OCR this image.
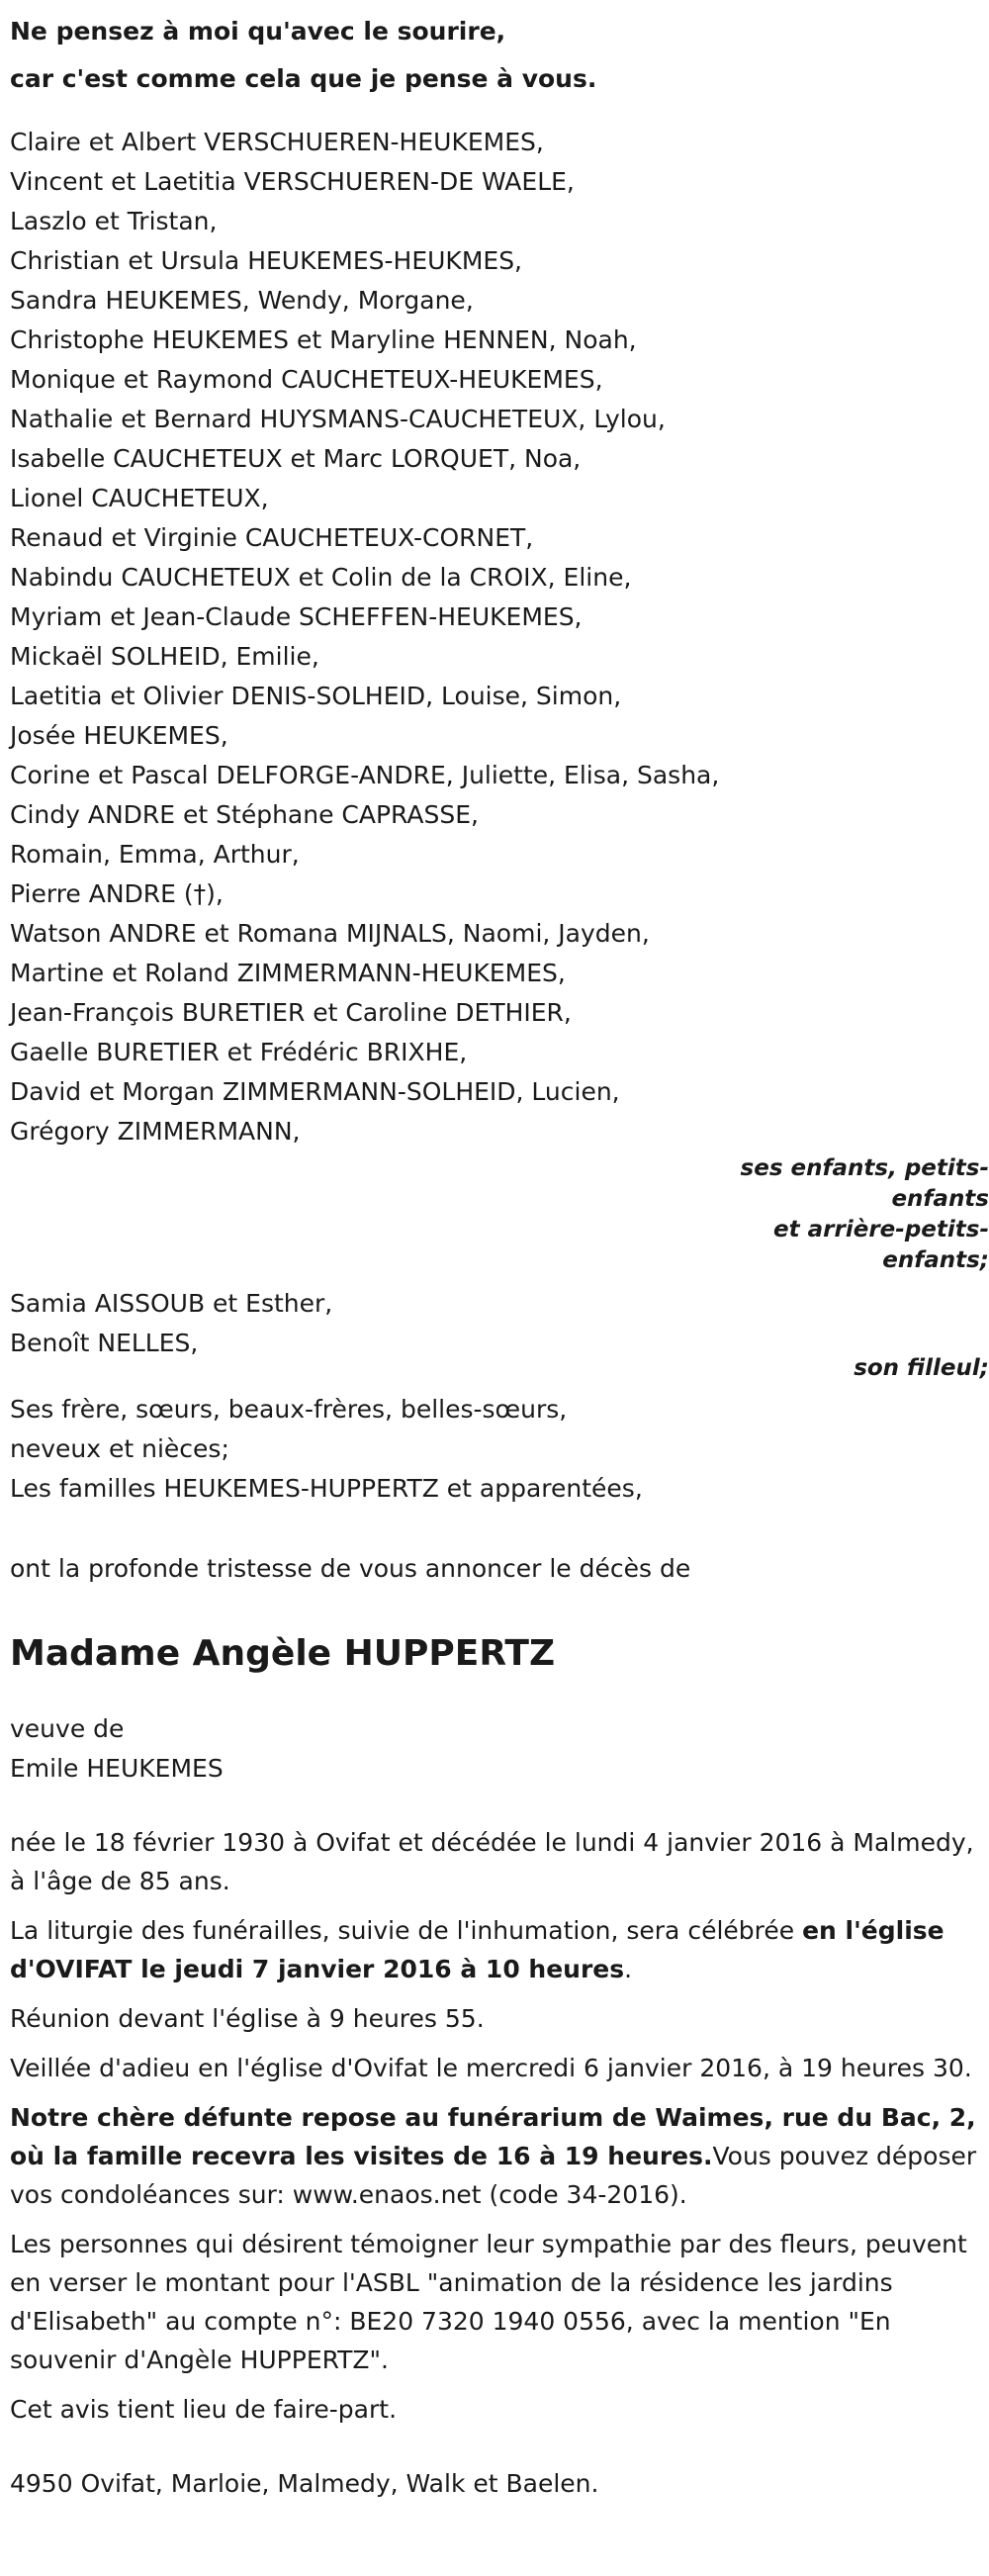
Ne pensez à moi qu'avec le sourire,
car c'est comme cela que je pense à vous.
Claire et Albert VERSCHUEREN-HEUKEMES,
Vincent et Laetitia VERSCHUEREN-DE WAELE,
Laszlo et Tristan,
Christian et Ursula HEUKEMES-HEUKMES,
Sandra HEUKEMES, Wendy, Morgane,
Christophe HEUKEMES et Maryline HENNEN, Noah,
Monique et Raymond CAUCHETEUX-HEUKEMES,
Nathalie et Bernard HUYSMANS-CAUCHETEUX, Lylou,
Isabelle CAUCHETEUX et Marc LORQUET, Noa,
Lionel CAUCHETEUX,
Renaud et Virginie CAUCHETEUX-CORNET,
Nabindu CAUCHETEUX et Colin de la CROIX, Eline,
Myriam et Jean-Claude SCHEFFEN-HEUKEMES,
Mickaël SOLHEID, Emilie,
Laetitia et Olivier DENIS-SOLHEID, Louise, Simon,
Josée HEUKEMES,
Corine et Pascal DELFORGE-ANDRE, Juliette, Elisa, Sasha,
Cindy ANDRE et Stéphane CAPRASSE,
Romain, Emma, Arthur,
Pierre ANDRE (†),
Watson ANDRE et Romana MIJNALS, Naomi, Jayden,
Martine et Roland ZIMMERMANN-HEUKEMES,
Jean-François BURETIER et Caroline DETHIER,
Gaelle BURETIER et Frédéric BRIXHE,
David et Morgan ZIMMERMANN-SOLHEID, Lucien,
Grégory ZIMMERMANN,
ses enfants, petits-
enfants
et arrière-petits-
enfants;
Samia AISSOUB et Esther,
Benoît NELLES,
son filleul;
Ses frère, sœurs, beaux-frères, belles-sœurs,
neveux et nièces;
Les familles HEUKEMES-HUPPERTZ et apparentées,
ont la profonde tristesse de vous annoncer le décès de
Madame Angèle HUPPERTZ
veuve de
Emile HEUKEMES
née le 18 février 1930 à Ovifat et décédée le lundi 4 janvier 2016 à Malmedy, à l'âge de 85 ans.
La liturgie des funérailles, suivie de l'inhumation, sera célébrée en l'église d'OVIFAT le jeudi 7 janvier 2016 à 10 heures.
Réunion devant l'église à 9 heures 55.
Veillée d'adieu en l'église d'Ovifat le mercredi 6 janvier 2016, à 19 heures 30.
Notre chère défunte repose au funérarium de Waimes, rue du Bac, 2, où la famille recevra les visites de 16 à 19 heures.Vous pouvez déposer vos condoléances sur: www.enaos.net (code 34-2016).
Les personnes qui désirent témoigner leur sympathie par des fleurs, peuvent en verser le montant pour l'ASBL "animation de la résidence les jardins d'Elisabeth" au compte n°: BE20 7320 1940 0556, avec la mention "En souvenir d'Angèle HUPPERTZ".
Cet avis tient lieu de faire-part.
4950 Ovifat, Marloie, Malmedy, Walk et Baelen.
